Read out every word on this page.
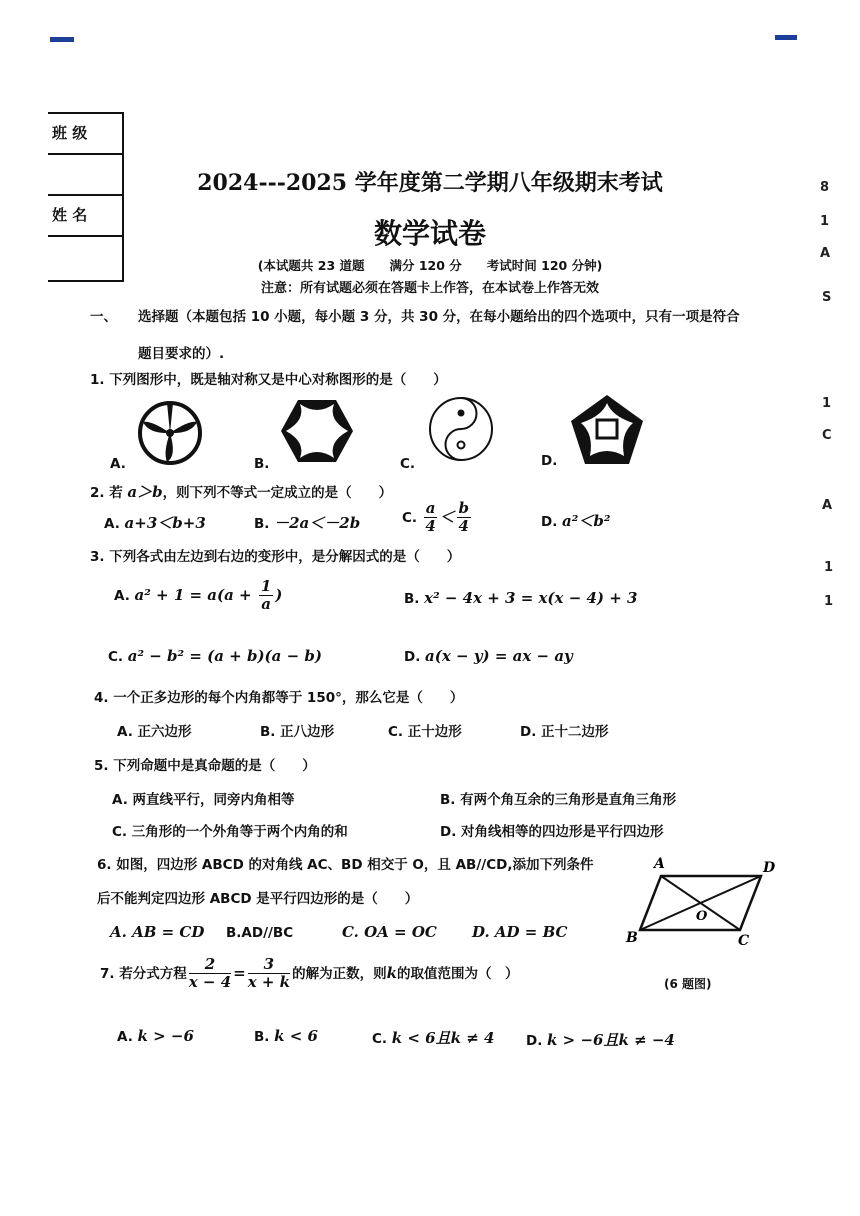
班 级
姓 名
2024---2025 学年度第二学期八年级期末考试
数学试卷
(本试题共 23 道题　　满分 120 分　　考试时间 120 分钟)
注意：所有试题必须在答题卡上作答，在本试卷上作答无效
一、 选择题（本题包括 10 小题，每小题 3 分，共 30 分，在每小题给出的四个选项中，只有一项是符合
题目要求的）.
1. 下列图形中，既是轴对称又是中心对称图形的是（　　）
A.	B.	C.	D.
2. 若 a＞b，则下列不等式一定成立的是（　　）
A. a+3＜b+3	B. －2a＜－2b	C. $\frac{a}{4} < \frac{b}{4}$	D. a²＜b²
3. 下列各式由左边到右边的变形中，是分解因式的是（　　）
A. $a^2 + 1 = a(a + \frac{1}{a}$ )	B. x² − 4x + 3 = x(x − 4) + 3
C. a² − b² = (a + b)(a − b)	D. a(x − y) = ax − ay
4. 一个正多边形的每个内角都等于 150°，那么它是（　　）
A. 正六边形	B. 正八边形	C. 正十边形	D. 正十二边形
5. 下列命题中是真命题的是（　　）
A. 两直线平行，同旁内角相等	B. 有两个角互余的三角形是直角三角形
C. 三角形的一个外角等于两个内角的和	D. 对角线相等的四边形是平行四边形
6. 如图，四边形 ABCD 的对角线 AC、BD 相交于 O，且 AB//CD,添加下列条件
后不能判定四边形 ABCD 是平行四边形的是（　　）
A. AB = CD B.AD//BC	C. OA = OC D. AD = BC
A	D
O
B	C
(6 题图)
7. 若分式方程 $\frac{2}{x - 4} = \frac{3}{x + k}$ 的解为正数，则k的取值范围为（　）
A. k > −6	B. k < 6	C. k < 6且k ≠ 4 D. k > −6且k ≠ −4
8
1
A
S
1
C
A
1
1
